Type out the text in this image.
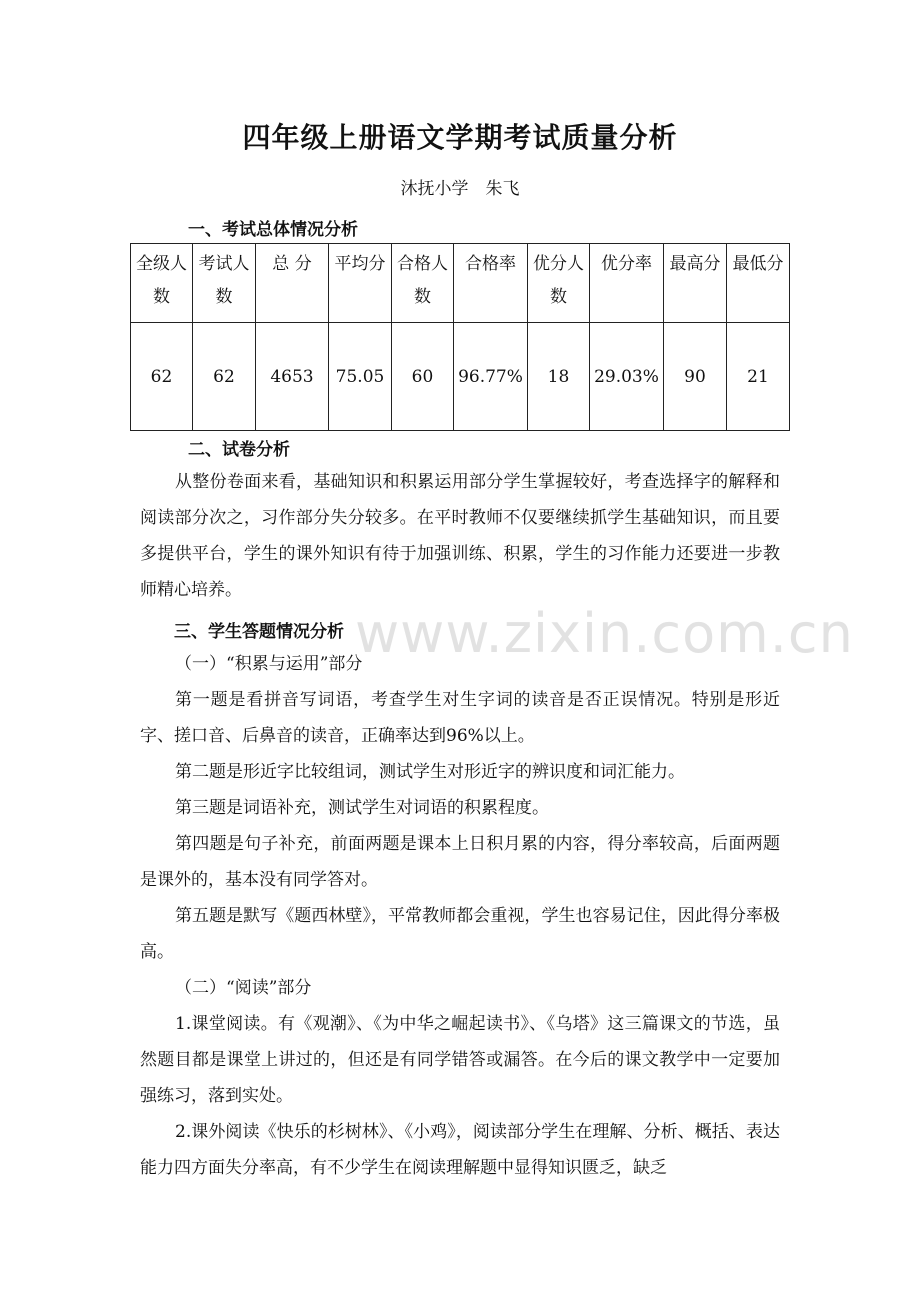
四年级上册语文学期考试质量分析
沐抚小学　朱飞
一、考试总体情况分析
全级人数	考试人数	总 分	平均分	合格人数	合格率	优分人数	优分率	最高分	最低分
62	62	4653	75.05	60	96.77%	18	29.03%	90	21
二、试卷分析

从整份卷面来看，基础知识和积累运用部分学生掌握较好，考查选择字的解释和阅读部分次之，习作部分失分较多。在平时教师不仅要继续抓学生基础知识，而且要多提供平台，学生的课外知识有待于加强训练、积累，学生的习作能力还要进一步教师精心培养。

三、学生答题情况分析

（一）“积累与运用”部分

第一题是看拼音写词语，考查学生对生字词的读音是否正误情况。特别是形近字、搓口音、后鼻音的读音，正确率达到96%以上。

第二题是形近字比较组词，测试学生对形近字的辨识度和词汇能力。

第三题是词语补充，测试学生对词语的积累程度。

第四题是句子补充，前面两题是课本上日积月累的内容，得分率较高，后面两题是课外的，基本没有同学答对。

第五题是默写《题西林壁》，平常教师都会重视，学生也容易记住，因此得分率极高。

（二）“阅读”部分

1.课堂阅读。有《观潮》、《为中华之崛起读书》、《乌塔》这三篇课文的节选，虽然题目都是课堂上讲过的，但还是有同学错答或漏答。在今后的课文教学中一定要加强练习，落到实处。

2.课外阅读《快乐的杉树林》、《小鸡》，阅读部分学生在理解、分析、概括、表达能力四方面失分率高，有不少学生在阅读理解题中显得知识匮乏，缺乏

www.zixin.com.cn
